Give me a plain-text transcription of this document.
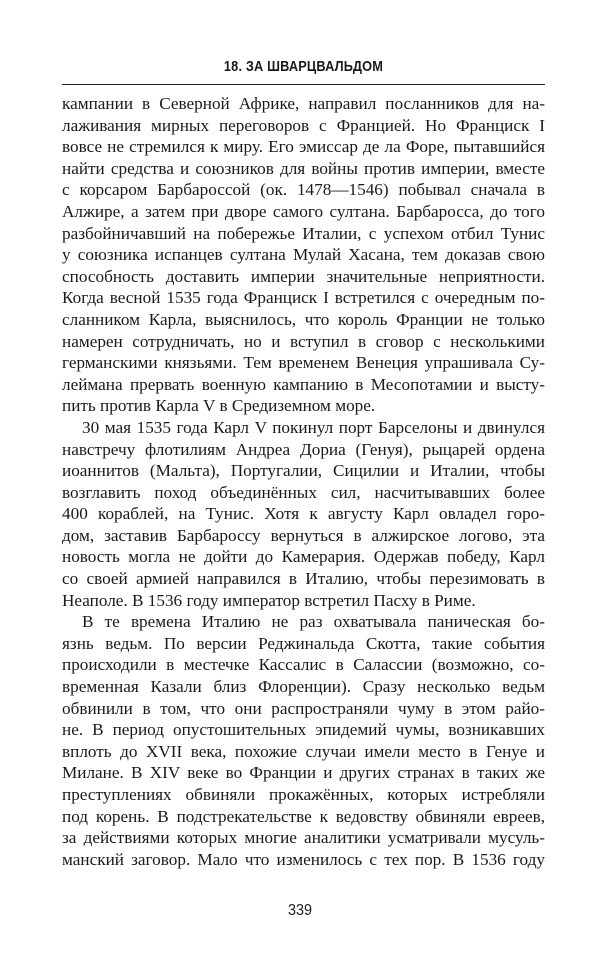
18. ЗА ШВАРЦВАЛЬДОМ
кампании в Северной Африке, направил посланников для на-
лаживания мирных переговоров с Францией. Но Франциск I
вовсе не стремился к миру. Его эмиссар де ла Форе, пытавшийся
найти средства и союзников для войны против империи, вместе
с корсаром Барбароссой (ок. 1478—1546) побывал сначала в
Алжире, а затем при дворе самого султана. Барбаросса, до того
разбойничавший на побережье Италии, с успехом отбил Тунис
у союзника испанцев султана Мулай Хасана, тем доказав свою
способность доставить империи значительные неприятности.
Когда весной 1535 года Франциск I встретился с очередным по-
сланником Карла, выяснилось, что король Франции не только
намерен сотрудничать, но и вступил в сговор с несколькими
германскими князьями. Тем временем Венеция упрашивала Су-
леймана прервать военную кампанию в Месопотамии и высту-
пить против Карла V в Средиземном море.
30 мая 1535 года Карл V покинул порт Барселоны и двинулся
навстречу флотилиям Андреа Дориа (Генуя), рыцарей ордена
иоаннитов (Мальта), Португалии, Сицилии и Италии, чтобы
возглавить поход объединённых сил, насчитывавших более
400 кораблей, на Тунис. Хотя к августу Карл овладел горо-
дом, заставив Барбароссу вернуться в алжирское логово, эта
новость могла не дойти до Камерария. Одержав победу, Карл
со своей армией направился в Италию, чтобы перезимовать в
Неаполе. В 1536 году император встретил Пасху в Риме.
В те времена Италию не раз охватывала паническая бо-
язнь ведьм. По версии Реджинальда Скотта, такие события
происходили в местечке Кассалис в Салассии (возможно, со-
временная Казали близ Флоренции). Сразу несколько ведьм
обвинили в том, что они распространяли чуму в этом райо-
не. В период опустошительных эпидемий чумы, возникавших
вплоть до XVII века, похожие случаи имели место в Генуе и
Милане. В XIV веке во Франции и других странах в таких же
преступлениях обвиняли прокажённых, которых истребляли
под корень. В подстрекательстве к ведовству обвиняли евреев,
за действиями которых многие аналитики усматривали мусуль-
манский заговор. Мало что изменилось с тех пор. В 1536 году
339
